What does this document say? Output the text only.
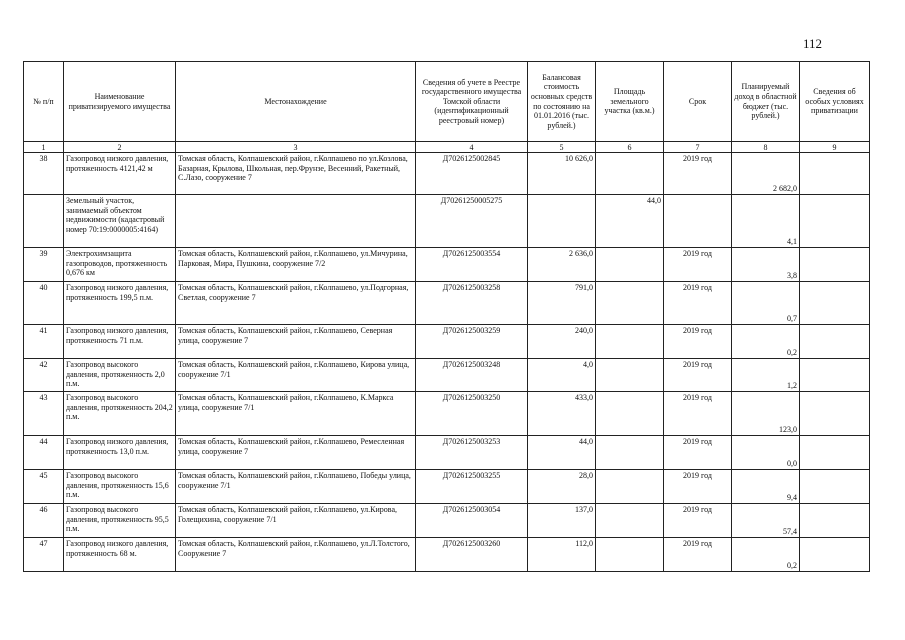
112
№ п/п	Наименование приватизируемого имущества	Местонахождение	Сведения об учете в Реестре государственного имущества Томской области (идентификационный реестровый номер)	Балансовая стоимость основных средств по состоянию на 01.01.2016 (тыс. рублей.)	Площадь земельного участка (кв.м.)	Срок	Планируемый доход в областной бюджет (тыс. рублей.)	Сведения об особых условиях приватизации
1	2	3	4	5	6	7	8	9
38	Газопровод низкого давления, протяженность 4121,42 м	Томская область, Колпашевский район, г.Колпашево по ул.Козлова, Базарная, Крылова, Школьная, пер.Фрунзе, Весенний, Ракетный, С.Лазо, сооружение 7	Д7026125002845	10 626,0		2019 год	2 682,0	

	Земельный участок, занимаемый объектом недвижимости (кадастровый номер 70:19:0000005:4164)		Д70261250005275		44,0		4,1	

39	Электрохимзащита газопроводов, протяженность 0,676 км	Томская область, Колпашевский район, г.Колпашево, ул.Мичурина, Парковая, Мира, Пушкина, сооружение 7/2	Д7026125003554	2 636,0		2019 год	3,8	

40	Газопровод низкого давления, протяженность 199,5 п.м.	Томская область, Колпашевский район, г.Колпашево, ул.Подгорная, Светлая, сооружение 7	Д7026125003258	791,0		2019 год	0,7	

41	Газопровод низкого давления, протяженность 71 п.м.	Томская область, Колпашевский район, г.Колпашево, Северная улица, сооружение 7	Д7026125003259	240,0		2019 год	0,2	

42	Газопровод высокого давления, протяженность 2,0 п.м.	Томская область, Колпашевский район, г.Колпашево, Кирова улица, сооружение 7/1	Д7026125003248	4,0		2019 год	1,2	

43	Газопровод высокого давления, протяженность 204,2 п.м.	Томская область, Колпашевский район, г.Колпашево, К.Маркса улица, сооружение 7/1	Д7026125003250	433,0		2019 год	123,0	

44	Газопровод низкого давления, протяженность 13,0 п.м.	Томская область, Колпашевский район, г.Колпашево, Ремесленная улица, сооружение 7	Д7026125003253	44,0		2019 год	0,0	

45	Газопровод высокого давления, протяженность 15,6 п.м.	Томская область, Колпашевский район, г.Колпашево, Победы улица, сооружение 7/1	Д7026125003255	28,0		2019 год	9,4	

46	Газопровод высокого давления, протяженность 95,5 п.м.	Томская область, Колпашевский район, г.Колпашево, ул.Кирова, Голещихина, сооружение 7/1	Д7026125003054	137,0		2019 год	57,4	

47	Газопровод низкого давления, протяженность 68 м.	Томская область, Колпашевский район, г.Колпашево, ул.Л.Толстого, Сооружение 7	Д7026125003260	112,0		2019 год	0,2	
